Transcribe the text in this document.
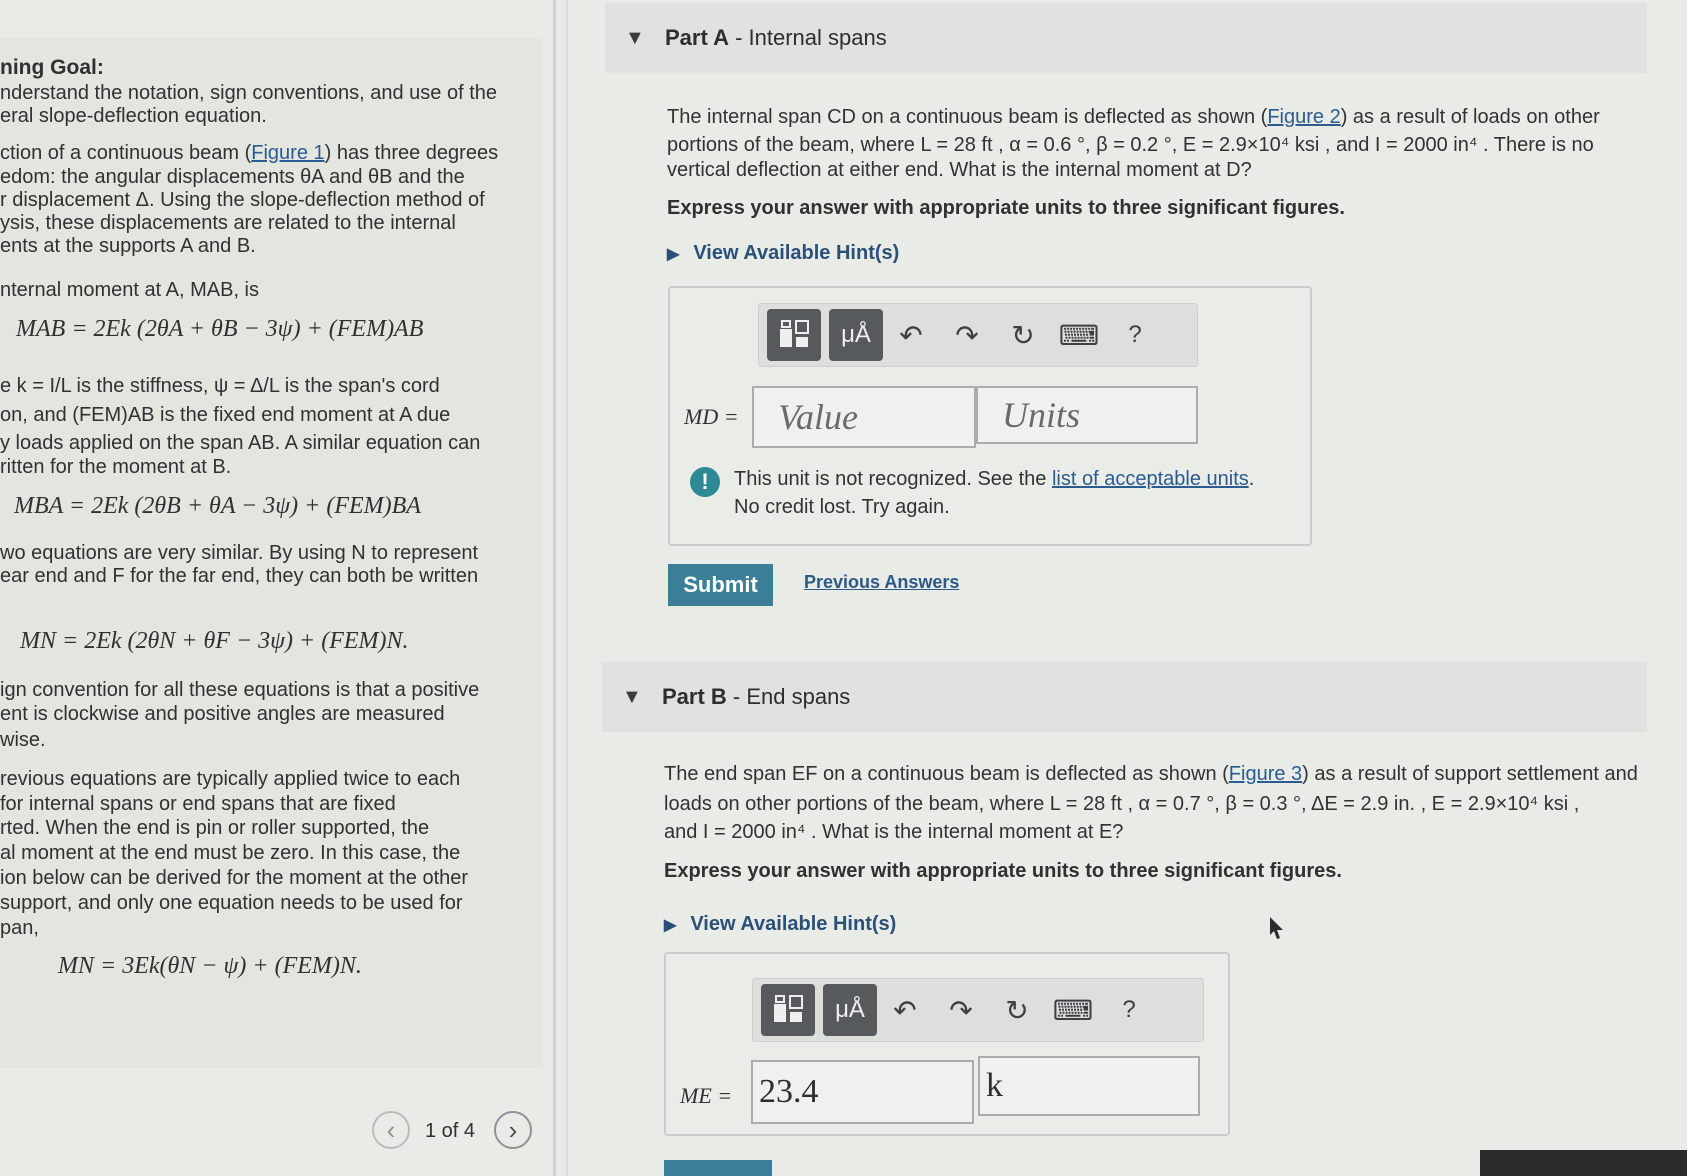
ning Goal:
nderstand the notation, sign conventions, and use of the
eral slope-deflection equation.
ction of a continuous beam (Figure 1) has three degrees
edom: the angular displacements θA and θB and the
r displacement Δ. Using the slope-deflection method of
ysis, these displacements are related to the internal
ents at the supports A and B.
nternal moment at A, MAB, is
MAB = 2Ek (2θA + θB − 3ψ) + (FEM)AB
e k = I/L is the stiffness, ψ = Δ/L is the span's cord
on, and (FEM)AB is the fixed end moment at A due
y loads applied on the span AB. A similar equation can
ritten for the moment at B.
MBA = 2Ek (2θB + θA − 3ψ) + (FEM)BA
wo equations are very similar. By using N to represent
ear end and F for the far end, they can both be written
MN = 2Ek (2θN + θF − 3ψ) + (FEM)N.
ign convention for all these equations is that a positive
ent is clockwise and positive angles are measured
wise.
revious equations are typically applied twice to each
for internal spans or end spans that are fixed
rted. When the end is pin or roller supported, the
al moment at the end must be zero. In this case, the
ion below can be derived for the moment at the other
support, and only one equation needs to be used for
pan,
MN = 3Ek(θN − ψ) + (FEM)N.
‹ 1 of 4 ›
▼ Part A - Internal spans
The internal span CD on a continuous beam is deflected as shown (Figure 2) as a result of loads on other
portions of the beam, where L = 28 ft , α = 0.6 °, β = 0.2 °, E = 2.9×10⁴ ksi , and I = 2000 in⁴ . There is no
vertical deflection at either end. What is the internal moment at D?
Express your answer with appropriate units to three significant figures.
▶ View Available Hint(s)
μÅ ↶ ↷ ↻ ⌨ ?
MD =	Value	Units
!	This unit is not recognized. See the list of acceptable units.
No credit lost. Try again.
Submit	Previous Answers
▼ Part B - End spans
The end span EF on a continuous beam is deflected as shown (Figure 3) as a result of support settlement and
loads on other portions of the beam, where L = 28 ft , α = 0.7 °, β = 0.3 °, ΔE = 2.9 in. , E = 2.9×10⁴ ksi ,
and I = 2000 in⁴ . What is the internal moment at E?
Express your answer with appropriate units to three significant figures.
▶ View Available Hint(s)
μÅ ↶ ↷ ↻ ⌨ ?
ME = 23.4	k
